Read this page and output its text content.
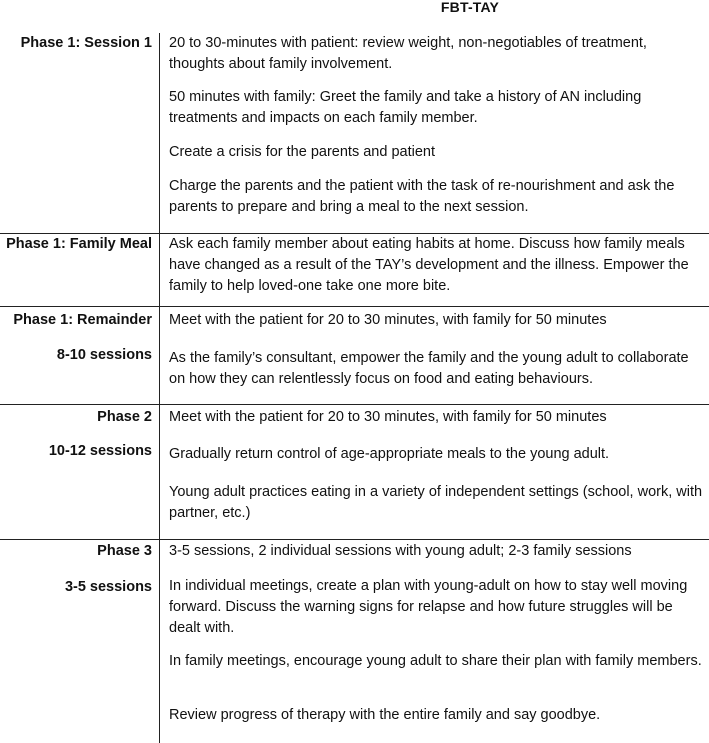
FBT-TAY
Phase 1: Session 1 20 to 30-minutes with patient: review weight, non-negotiables of treatment, thoughts about family involvement.
50 minutes with family: Greet the family and take a history of AN including treatments and impacts on each family member.
Create a crisis for the parents and patient
Charge the parents and the patient with the task of re-nourishment and ask the parents to prepare and bring a meal to the next session.
Phase 1: Family Meal Ask each family member about eating habits at home. Discuss how family meals have changed as a result of the TAY’s development and the illness. Empower the family to help loved-one take one more bite.
Phase 1: Remainder
8-10 sessions
Meet with the patient for 20 to 30 minutes, with family for 50 minutes
As the family’s consultant, empower the family and the young adult to collaborate on how they can relentlessly focus on food and eating behaviours.
Phase 2
10-12 sessions
Meet with the patient for 20 to 30 minutes, with family for 50 minutes
Gradually return control of age-appropriate meals to the young adult.
Young adult practices eating in a variety of independent settings (school, work, with partner, etc.)
Phase 3
3-5 sessions
3-5 sessions, 2 individual sessions with young adult; 2-3 family sessions
In individual meetings, create a plan with young-adult on how to stay well moving forward. Discuss the warning signs for relapse and how future struggles will be dealt with.
In family meetings, encourage young adult to share their plan with family members.
Review progress of therapy with the entire family and say goodbye.
